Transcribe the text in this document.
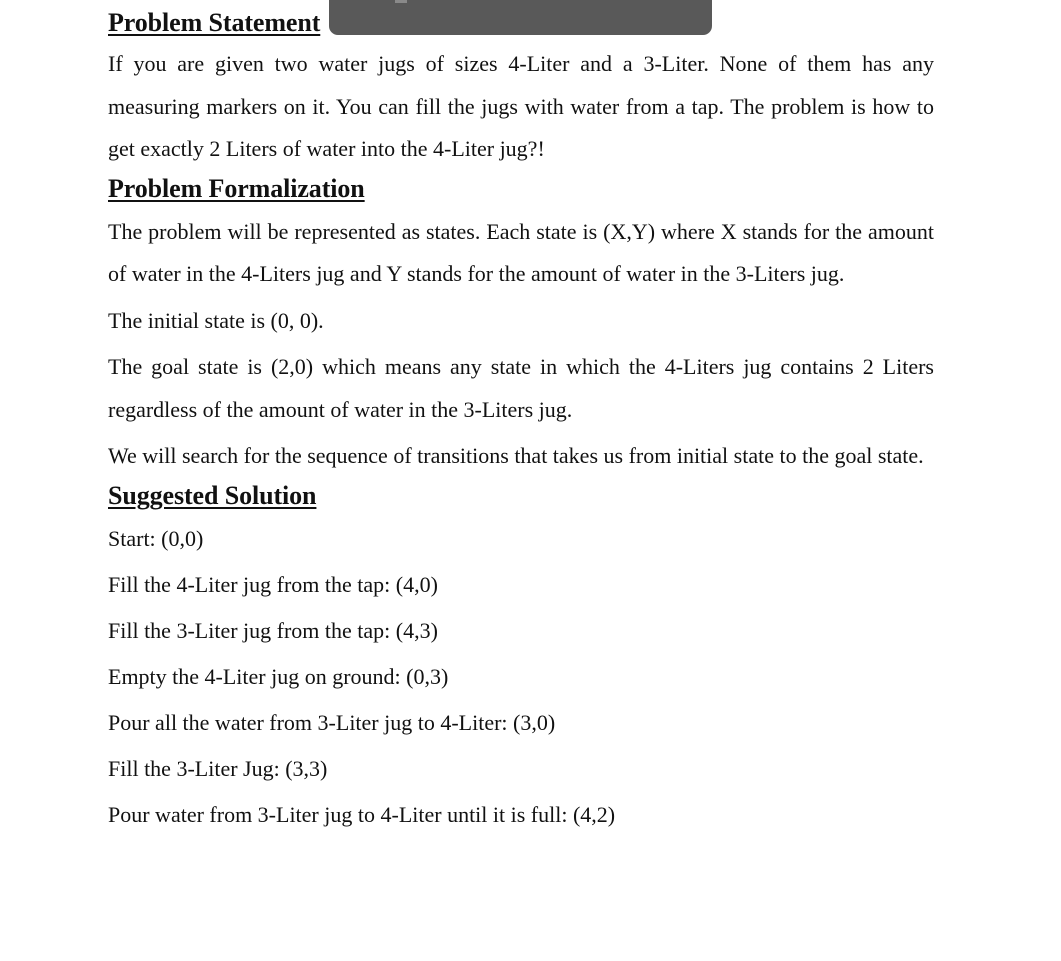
Problem Statement

If you are given two water jugs of sizes 4-Liter and a 3-Liter. None of them has any measuring markers on it. You can fill the jugs with water from a tap. The problem is how to get exactly 2 Liters of water into the 4-Liter jug?!

Problem Formalization

The problem will be represented as states. Each state is (X,Y) where X stands for the amount of water in the 4-Liters jug and Y stands for the amount of water in the 3-Liters jug.

The initial state is (0, 0).

The goal state is (2,0) which means any state in which the 4-Liters jug contains 2 Liters regardless of the amount of water in the 3-Liters jug.

We will search for the sequence of transitions that takes us from initial state to the goal state.

Suggested Solution
Start: (0,0)
Fill the 4-Liter jug from the tap: (4,0)
Fill the 3-Liter jug from the tap: (4,3)
Empty the 4-Liter jug on ground: (0,3)
Pour all the water from 3-Liter jug to 4-Liter: (3,0)
Fill the 3-Liter Jug: (3,3)
Pour water from 3-Liter jug to 4-Liter until it is full: (4,2)
